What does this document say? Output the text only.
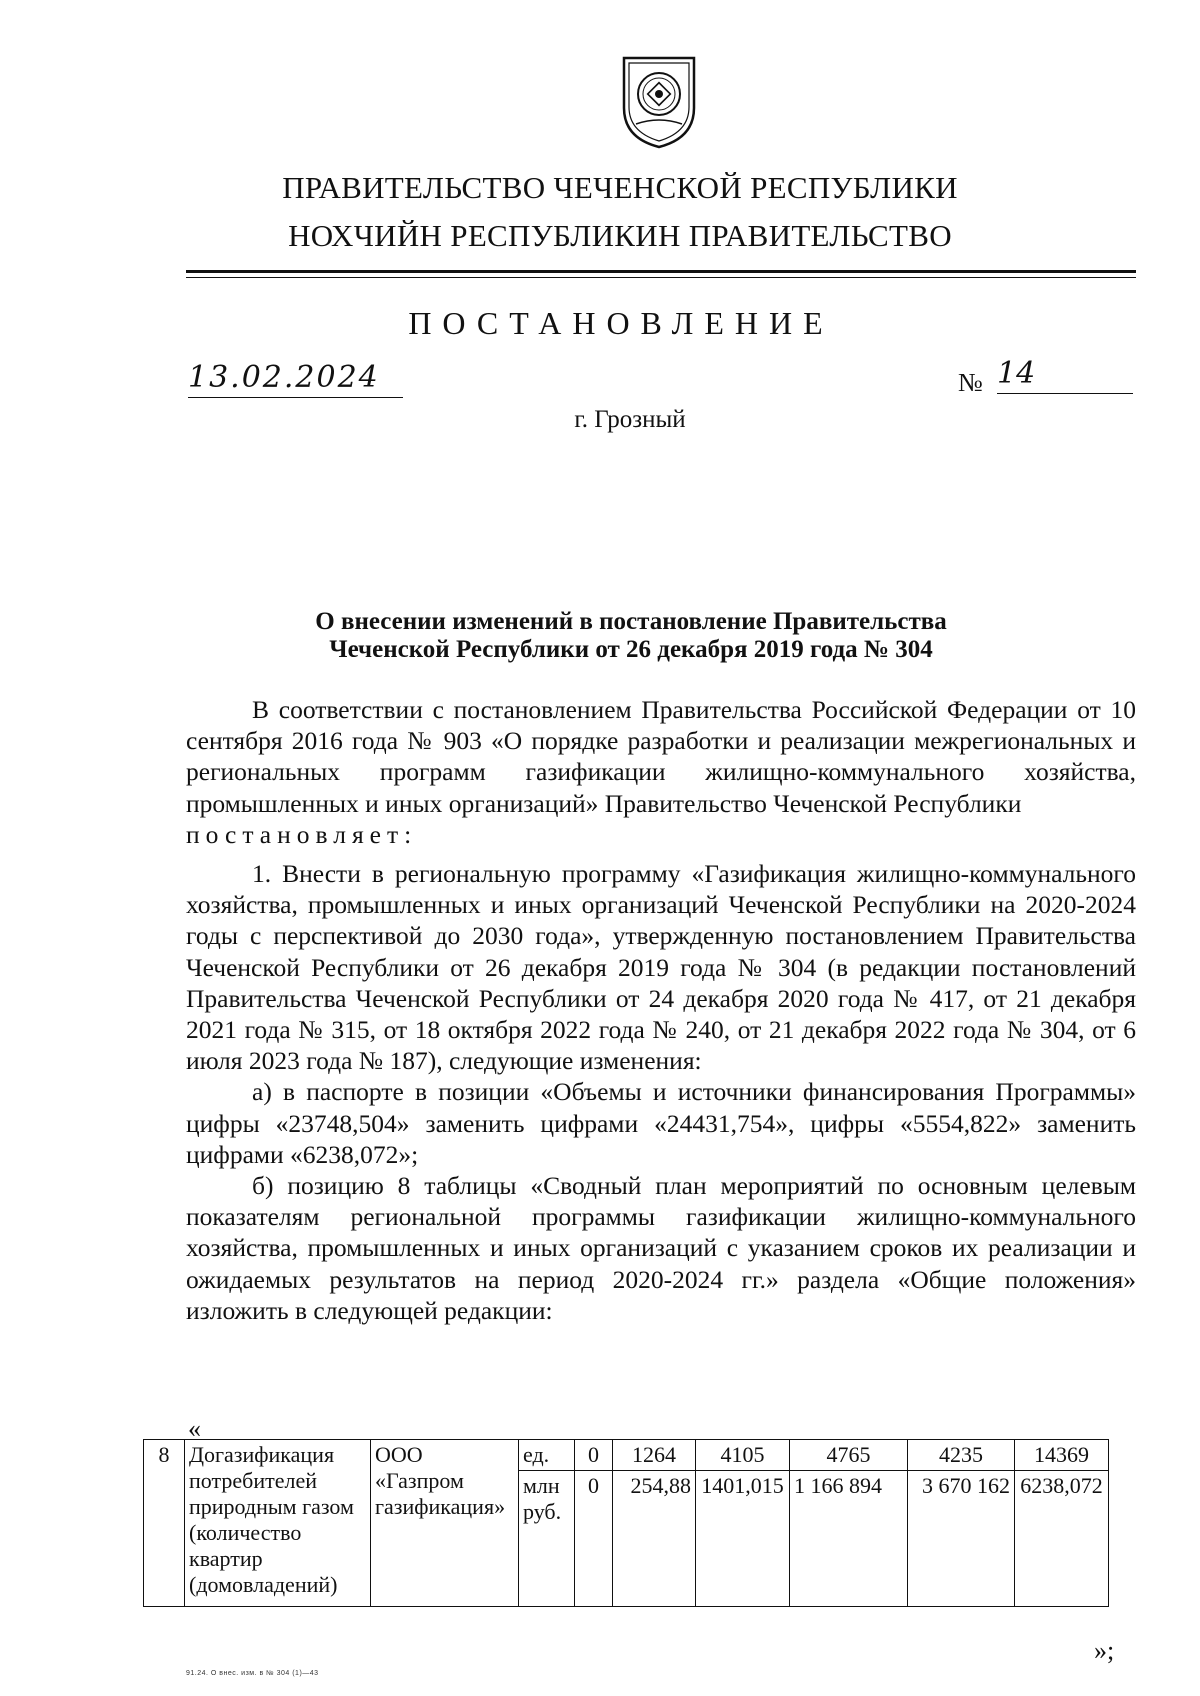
ПРАВИТЕЛЬСТВО ЧЕЧЕНСКОЙ РЕСПУБЛИКИ
НОХЧИЙН РЕСПУБЛИКИН ПРАВИТЕЛЬСТВО
ПОСТАНОВЛЕНИЕ
13.02.2024	№ 14
г. Грозный
О внесении изменений в постановление Правительства
Чеченской Республики от 26 декабря 2019 года № 304

В соответствии с постановлением Правительства Российской Федерации от 10 сентября 2016 года № 903 «О порядке разработки и реализации межрегиональных и региональных программ газификации жилищно-коммунального хозяйства, промышленных и иных организаций» Правительство Чеченской Республики

постановляет:

1. Внести в региональную программу «Газификация жилищно-коммунального хозяйства, промышленных и иных организаций Чеченской Республики на 2020-2024 годы с перспективой до 2030 года», утвержденную постановлением Правительства Чеченской Республики от 26 декабря 2019 года № 304 (в редакции постановлений Правительства Чеченской Республики от 24 декабря 2020 года № 417, от 21 декабря 2021 года № 315, от 18 октября 2022 года № 240, от 21 декабря 2022 года № 304, от 6 июля 2023 года № 187), следующие изменения:

а) в паспорте в позиции «Объемы и источники финансирования Программы» цифры «23748,504» заменить цифрами «24431,754», цифры «5554,822» заменить цифрами «6238,072»;

б) позицию 8 таблицы «Сводный план мероприятий по основным целевым показателям региональной программы газификации жилищно-коммунального хозяйства, промышленных и иных организаций с указанием сроков их реализации и ожидаемых результатов на период 2020-2024 гг.» раздела «Общие положения» изложить в следующей редакции:

«
8	Догазификация потребителей природным газом (количество квартир (домовладений)	ООО «Газпром газификация»	ед.	0	1264	4105	4765	4235	14369
			млн руб.	0	254,88	1401,015	1 166 894	3 670 162	6238,072
»;
91.24. О внес. изм. в № 304 (1)—43
